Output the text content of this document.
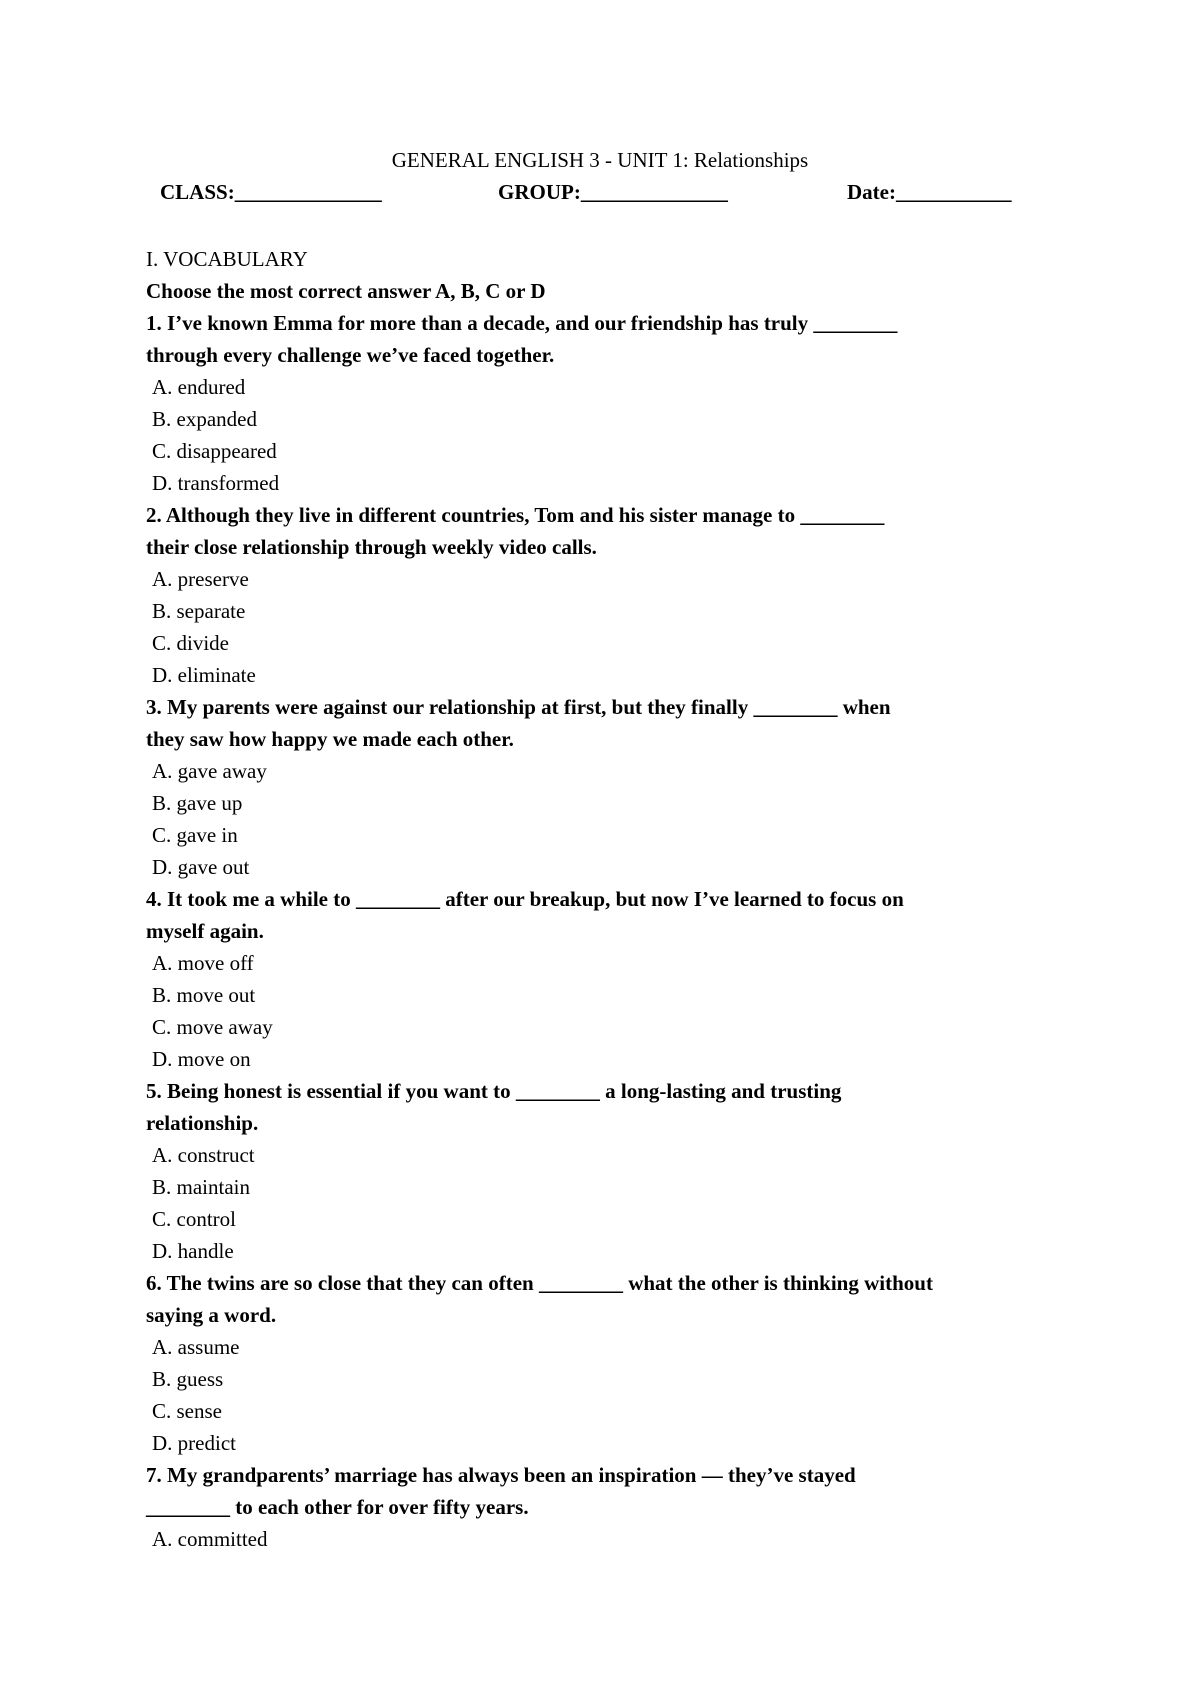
GENERAL ENGLISH 3 - UNIT 1: Relationships
CLASS:______________	GROUP:______________	Date:___________
I. VOCABULARY
Choose the most correct answer A, B, C or D
1. I’ve known Emma for more than a decade, and our friendship has truly ________
through every challenge we’ve faced together.
A. endured
B. expanded
C. disappeared
D. transformed
2. Although they live in different countries, Tom and his sister manage to ________
their close relationship through weekly video calls.
A. preserve
B. separate
C. divide
D. eliminate
3. My parents were against our relationship at first, but they finally ________ when
they saw how happy we made each other.
A. gave away
B. gave up
C. gave in
D. gave out
4. It took me a while to ________ after our breakup, but now I’ve learned to focus on
myself again.
A. move off
B. move out
C. move away
D. move on
5. Being honest is essential if you want to ________ a long-lasting and trusting
relationship.
A. construct
B. maintain
C. control
D. handle
6. The twins are so close that they can often ________ what the other is thinking without
saying a word.
A. assume
B. guess
C. sense
D. predict
7. My grandparents’ marriage has always been an inspiration — they’ve stayed
________ to each other for over fifty years.
A. committed
